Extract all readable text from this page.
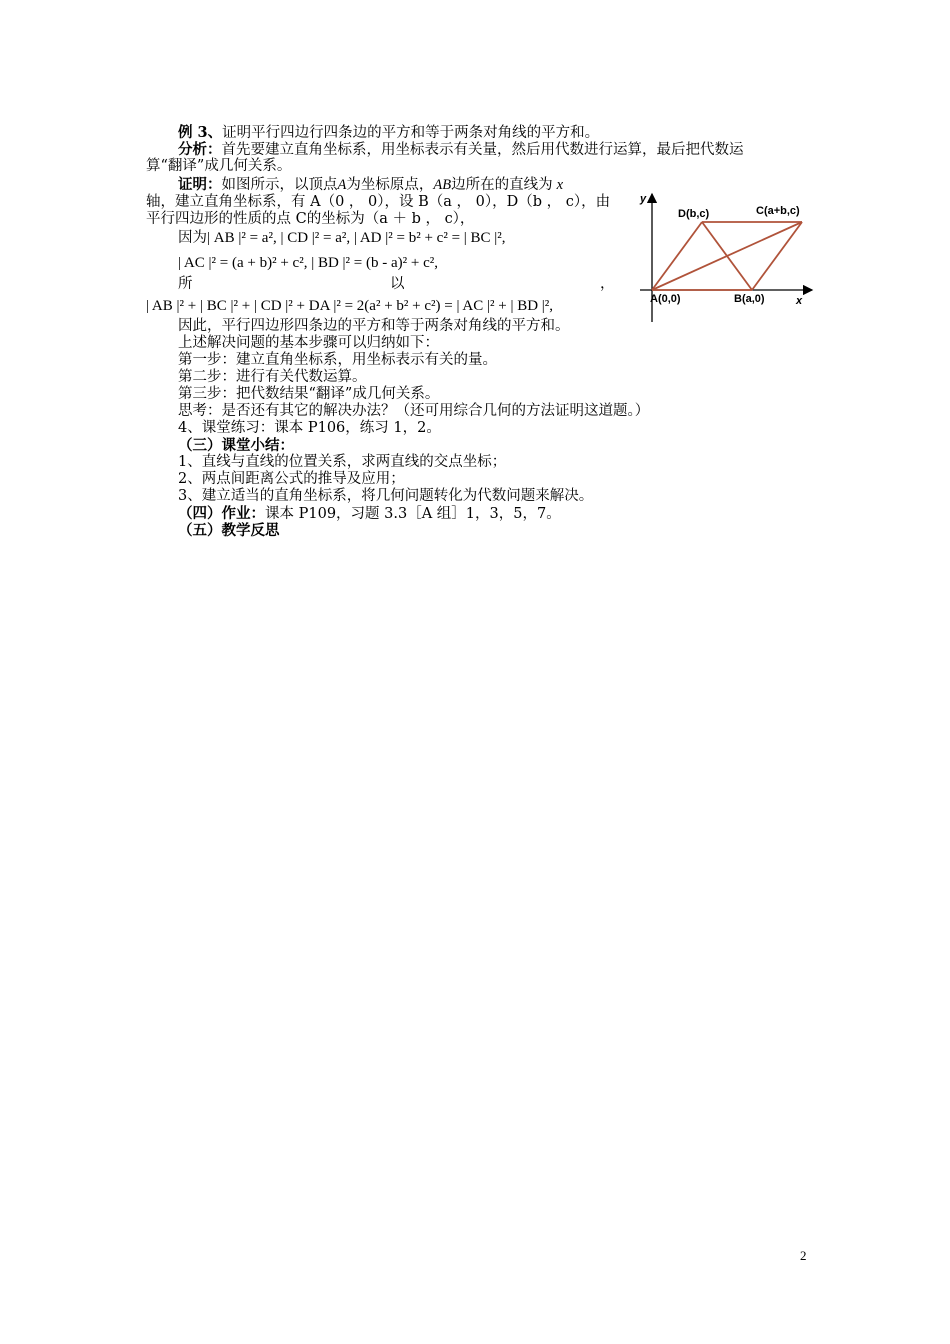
例 3、证明平行四边行四条边的平方和等于两条对角线的平方和。
分析：首先要建立直角坐标系，用坐标表示有关量，然后用代数进行运算，最后把代数运
算“翻译”成几何关系。
证明：如图所示，以顶点A为坐标原点，AB边所在的直线为 x
轴，建立直角坐标系，有 A（0 ， 0），设 B（a ， 0），D（b ， c），由
平行四边形的性质的点 C的坐标为（a ＋ b ， c），
因为| AB |² = a², | CD |² = a², | AD |² = b² + c² = | BC |²,
| AC |² = (a + b)² + c², | BD |² = (b - a)² + c²,
所	以	，
| AB |² + | BC |² + | CD |² + DA |² = 2(a² + b² + c²) = | AC |² + | BD |²,
因此，平行四边形四条边的平方和等于两条对角线的平方和。
上述解决问题的基本步骤可以归纳如下：
第一步：建立直角坐标系，用坐标表示有关的量。
第二步：进行有关代数运算。
第三步：把代数结果“翻译”成几何关系。
思考：是否还有其它的解决办法？（还可用综合几何的方法证明这道题。）
4、课堂练习：课本 P106，练习 1，2。
（三）课堂小结：
1、直线与直线的位置关系，求两直线的交点坐标；
2、两点间距离公式的推导及应用；
3、建立适当的直角坐标系，将几何问题转化为代数问题来解决。
（四）作业：课本 P109，习题 3.3［A 组］1，3，5，7。
（五）教学反思
y
x
A(0,0)	B(a,0)
C(a+b,c)
D(b,c)
2
